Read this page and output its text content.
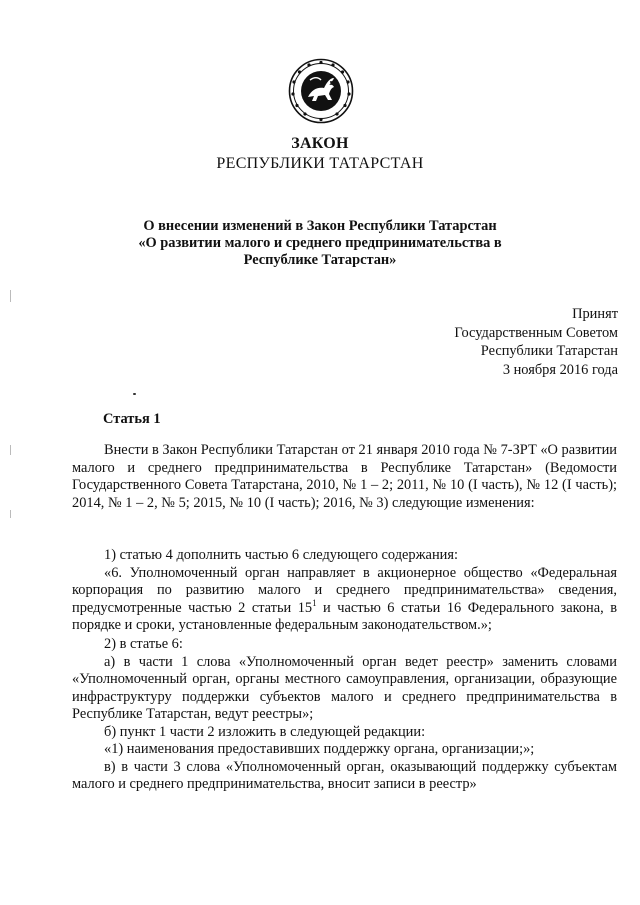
ЗАКОН
РЕСПУБЛИКИ ТАТАРСТАН
О внесении изменений в Закон Республики Татарстан
«О развитии малого и среднего предпринимательства в
Республике Татарстан»
Принят
Государственным Советом
Республики Татарстан
3 ноября 2016 года
Статья 1

Внести в Закон Республики Татарстан от 21 января 2010 года № 7-ЗРТ «О развитии малого и среднего предпринимательства в Республике Татарстан» (Ведомости Государственного Совета Татарстана, 2010, № 1 – 2; 2011, № 10 (I часть), № 12 (I часть); 2014, № 1 – 2, № 5; 2015, № 10 (I часть); 2016, № 3) следующие изменения:

1) статью 4 дополнить частью 6 следующего содержания:

«6. Уполномоченный орган направляет в акционерное общество «Федеральная корпорация по развитию малого и среднего предпринимательства» сведения, предусмотренные частью 2 статьи $15^1$ и частью 6 статьи 16 Федерального закона, в порядке и сроки, установленные федеральным законодательством.»;

2) в статье 6:

а) в части 1 слова «Уполномоченный орган ведет реестр» заменить словами «Уполномоченный орган, органы местного самоуправления, организации, образующие инфраструктуру поддержки субъектов малого и среднего предпринимательства в Республике Татарстан, ведут реестры»;

б) пункт 1 части 2 изложить в следующей редакции:

«1) наименования предоставивших поддержку органа, организации;»;

в) в части 3 слова «Уполномоченный орган, оказывающий поддержку субъектам малого и среднего предпринимательства, вносит записи в реестр»
